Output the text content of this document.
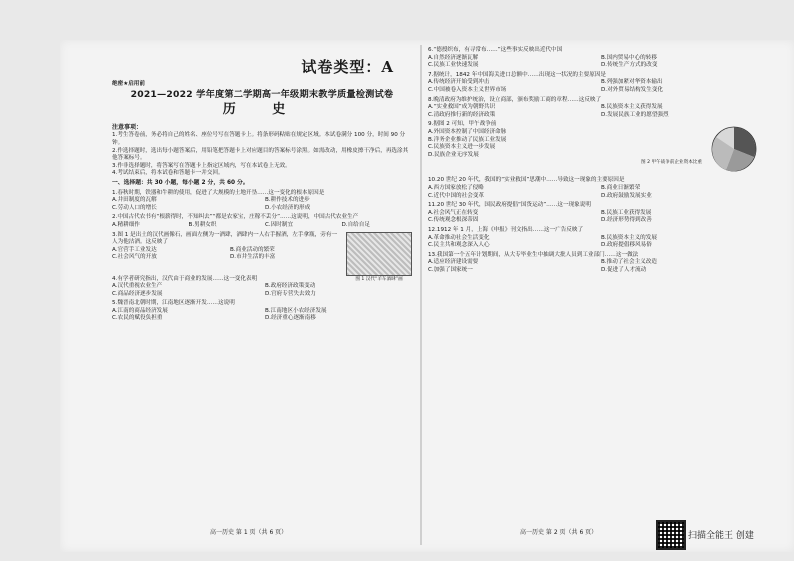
试卷类型：A
绝密★启用前
2021—2022 学年度第二学期高一年级期末教学质量检测试卷
历 史
注意事项：
1.考生答卷前，务必将自己的姓名、座位号写在答题卡上。将条形码粘贴在规定区域。本试卷满分 100 分，时间 90 分钟。
2.作选择题时，选出每小题答案后，用铅笔把答题卡上对应题目的答案标号涂黑。如需改动，用橡皮擦干净后，再选涂其他答案标号。
3.作非选择题时，将答案写在答题卡上指定区域内，写在本试卷上无效。
4.考试结束后，将本试卷和答题卡一并交回。
一、选择题：共 30 小题，每小题 2 分，共 60 分。
1.春秋时期，铁器和牛耕的使用，促进了大规模的土地开垦……这一变化的根本原因是
A.井田制度的瓦解	B.耕作技术的进步
C.劳动人口的增长	D.小农经济的形成
2.中国古代农书有“根薪得时，不知纠去”“都是农家宝，庄稼不丢分”……这说明，中国古代农业生产
A.精耕细作	B.男耕女织	C.因时制宜	D.自给自足
图 1 汉代“羊车酒肆”画
3.图 1 是出土的汉代画像石，画面左侧为一酒肆，酒肆内一人右手握酒，左手拿瓶，旁有一人为他沽酒。这反映了
A.官营手工业发达	B.商业活动的繁荣
C.社会风气的开放	D.市井生活的丰富
4.有学者研究指出，汉代由于商业的发展……这一变化表明
A.汉代重视农业生产	B.政府经济政策变动
C.商品经济逐步发展	D.官府专营失去效力
5.魏晋南北朝时期，江南地区逐渐开发……这说明
A.江南的商品经济发展	B.江南地区小农经济发展
C.农民的赋役负担重	D.经济重心逐渐南移
高一历史 第 1 页（共 6 页）
6.“德授织布，有寻常布……”这些事实反映出近代中国
A.自然经济逐渐瓦解	B.国内贸易中心的转移
C.民族工业快速发展	D.传统生产方式的改变
7.据统计，1842 年中国海关进口总额中……出现这一状况的主要原因是
A.传统经济开始受到冲击	B.列强加紧对华资本输出
C.中国被卷入资本主义世界市场	D.对外贸易结构发生变化
8.晚清政府为维护统治，设立商部，颁布奖励工商的章程……这反映了
A.“实业救国”成为朝野共识	B.民族资本主义获得发展
C.清政府推行新的经济政策	D.发展民族工业的愿望强烈
9.据图 2 可知，甲午战争前
A.外国资本控制了中国经济命脉
B.洋务企业推动了民族工业发展
C.民族资本主义进一步发展
D.民族企业无序发展
图 2 甲午战争前企业资本比重
10.20 世纪 20 年代，我国的“实业救国”思潮中……导致这一现象的主要原因是
A.西方国家放松了侵略	B.商业日渐繁荣
C.近代中国的社会变革	D.政府鼓励发展实业
11.20 世纪 30 年代，国民政府提倡“国货运动”……这一现象说明
A.社会风气正在转变	B.民族工业获得发展
C.传统观念根深蒂固	D.经济形势得到改善
12.1912 年 1 月，上海《申报》刊文指出……这一广告反映了
A.革命推动社会生活变化	B.民族资本主义的发展
C.民主共和观念深入人心	D.政府提倡移风易俗
13.我国第一个五年计划期间，从大专毕业生中抽调大批人员到工业部门……这一做法
A.适应经济建设需要	B.推动了社会主义改造
C.加强了国家统一	D.促进了人才流动
高一历史 第 2 页（共 6 页）	扫描全能王 创建
